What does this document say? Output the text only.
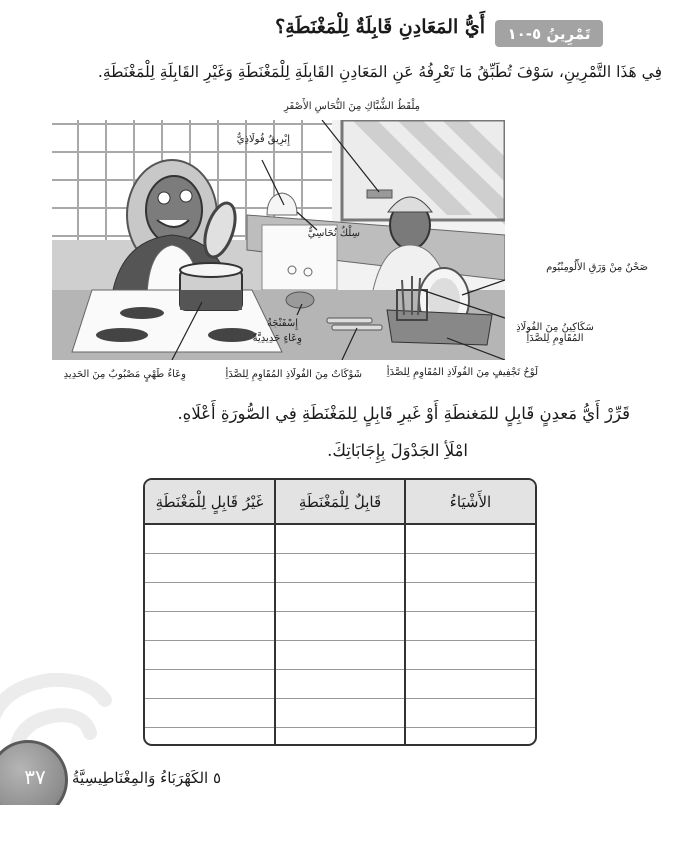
تَمْرِينُ ٥-١٠
أَيُّ المَعَادِنِ قَابِلَةٌ لِلْمَغْنَطَةِ؟
فِي هَذَا التَّمْرِينِ، سَوْفَ تُطَبِّقُ مَا تَعْرِفُهُ عَنِ المَعَادِنِ القَابِلَةِ لِلْمَغْنَطَةِ وَغَيْرِ القَابِلَةِ لِلْمَغْنَطَةِ.
مِلْقَطُ الشُّبَّاكِ مِنَ النُّحَاسِ الأَصْفَرِ
إِبْرِيقٌ فُولَاذِيٌّ
سِلْكٌ نُحَاسِيٌّ
صَحْنٌ مِنْ وَرَقِ الأَلُومِنْيُوم
سَكَاكِينُ مِنَ الفُولَاذِ المُقَاوِمِ لِلصَّدَأِ
لَوْحُ تَجْفِيفٍ مِنَ الفُولَاذِ المُقَاوِمِ لِلصَّدَأِ
إِسْفَنْجَةُ
وِعَاءٍ حَدِيدِيَّةٌ
شَوْكَاتٌ مِنَ الفُولَاذِ المُقَاوِمِ لِلصَّدَأِ
وِعَاءُ طَهْيٍ مَصْبُوبٌ مِنَ الحَدِيدِ
قَرِّرْ أَيُّ مَعدِنٍ قَابِلٍ للمَغنطَةِ أَوْ غَيرِ قَابِلٍ لِلمَغْنَطَةِ فِي الصُّورَةِ أَعْلَاهِ.
امْلَأِ الجَدْوَلَ بِإِجَابَاتِكَ.
الأَشْيَاءُ	قَابِلٌ لِلْمَغْنَطَةِ	غَيْرُ قَابِلٍ لِلْمَغْنَطَةِ

٣٧	٥ الكَهْرَبَاءُ وَالمِغْنَاطِيسِيَّةُ
